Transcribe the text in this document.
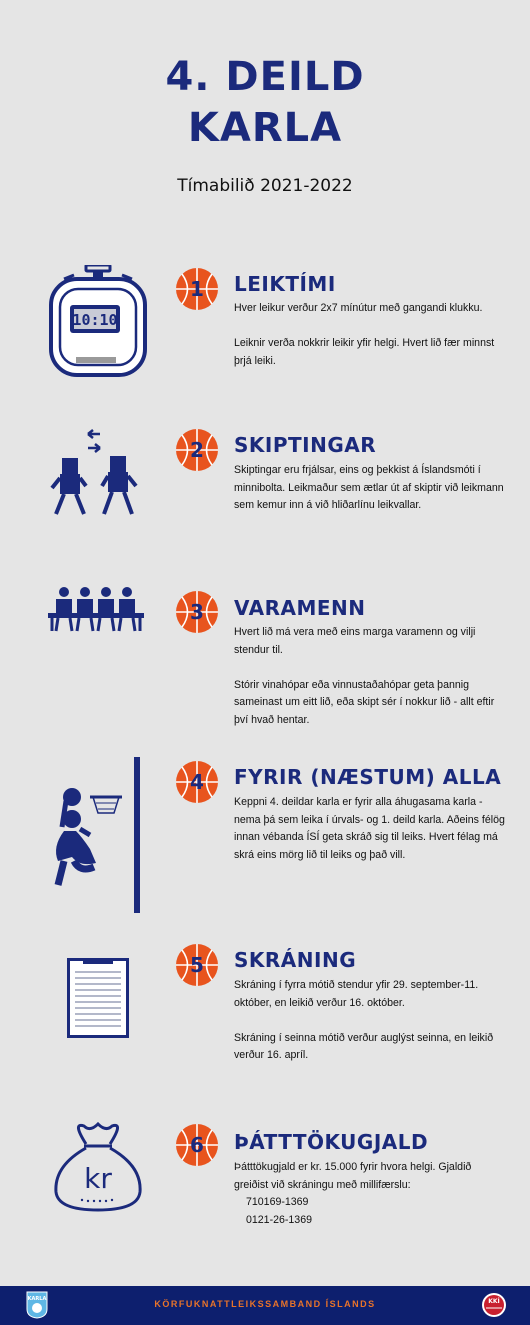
4. DEILD
KARLA
Tímabilið 2021-2022
10:10
1	LEIKTÍMI

Hver leikur verður 2x7 mínútur með gangandi klukku.

Leiknir verða nokkrir leikir yfir helgi. Hvert lið fær minnst þrjá leiki.

2	SKIPTINGAR

Skiptingar eru frjálsar, eins og þekkist á Íslandsmóti í minnibolta. Leikmaður sem ætlar út af skiptir við leikmann sem kemur inn á við hliðarlínu leikvallar.

3	VARAMENN

Hvert lið má vera með eins marga varamenn og vilji stendur til.

Stórir vinahópar eða vinnustaðahópar geta þannig sameinast um eitt lið, eða skipt sér í nokkur lið - allt eftir því hvað hentar.

4	FYRIR (NÆSTUM) ALLA

Keppni 4. deildar karla er fyrir alla áhugasama karla - nema þá sem leika í úrvals- og 1. deild karla. Aðeins félög innan vébanda ÍSÍ geta skráð sig til leiks. Hvert félag má skrá eins mörg lið til leiks og það vill.

5	SKRÁNING

Skráning í fyrra mótið stendur yfir 29. september-11. október, en leikið verður 16. október.

Skráning í seinna mótið verður auglýst seinna, en leikið verður 16. apríl.

kr
6	ÞÁTTTÖKUGJALD

Þátttökugjald er kr. 15.000 fyrir hvora helgi. Gjaldið greiðist við skráningu með millifærslu:

710169-1369
0121-26-1369
KARLA	KÖRFUKNATTLEIKSSAMBAND ÍSLANDS	KKÍ
